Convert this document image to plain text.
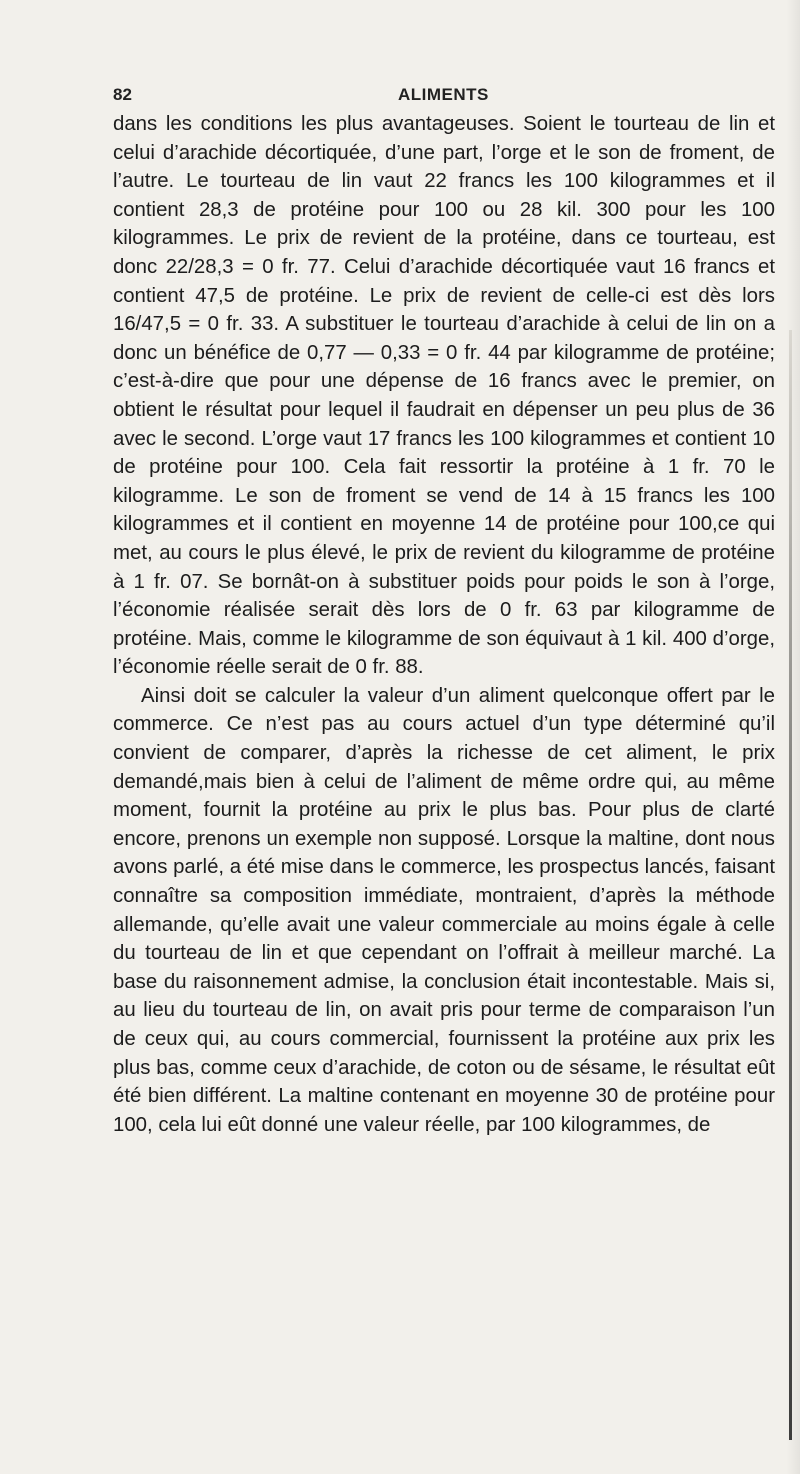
82	ALIMENTS

dans les conditions les plus avantageuses. Soient le tourteau de lin et celui d’arachide décortiquée, d’une part, l’orge et le son de froment, de l’autre. Le tourteau de lin vaut 22 francs les 100 kilogrammes et il contient 28,3 de protéine pour 100 ou 28 kil. 300 pour les 100 kilogrammes. Le prix de revient de la protéine, dans ce tourteau, est donc 22/28,3 = 0 fr. 77. Celui d’arachide décortiquée vaut 16 francs et contient 47,5 de protéine. Le prix de revient de celle-ci est dès lors 16/47,5 = 0 fr. 33. A substituer le tourteau d’arachide à celui de lin on a donc un bénéfice de 0,77 — 0,33 = 0 fr. 44 par kilogramme de protéine; c’est-à-dire que pour une dépense de 16 francs avec le premier, on obtient le résultat pour lequel il faudrait en dépenser un peu plus de 36 avec le second. L’orge vaut 17 francs les 100 kilogrammes et contient 10 de protéine pour 100. Cela fait ressortir la protéine à 1 fr. 70 le kilogramme. Le son de froment se vend de 14 à 15 francs les 100 kilogrammes et il contient en moyenne 14 de protéine pour 100,ce qui met, au cours le plus élevé, le prix de revient du kilogramme de protéine à 1 fr. 07. Se bornât-on à substituer poids pour poids le son à l’orge, l’économie réalisée serait dès lors de 0 fr. 63 par kilogramme de protéine. Mais, comme le kilogramme de son équivaut à 1 kil. 400 d’orge, l’économie réelle serait de 0 fr. 88.

Ainsi doit se calculer la valeur d’un aliment quelconque offert par le commerce. Ce n’est pas au cours actuel d’un type déterminé qu’il convient de comparer, d’après la richesse de cet aliment, le prix demandé,mais bien à celui de l’aliment de même ordre qui, au même moment, fournit la protéine au prix le plus bas. Pour plus de clarté encore, prenons un exemple non supposé. Lorsque la maltine, dont nous avons parlé, a été mise dans le commerce, les prospectus lancés, faisant connaître sa composition immédiate, montraient, d’après la méthode allemande, qu’elle avait une valeur commerciale au moins égale à celle du tourteau de lin et que cependant on l’offrait à meilleur marché. La base du raisonnement admise, la conclusion était incontestable. Mais si, au lieu du tourteau de lin, on avait pris pour terme de comparaison l’un de ceux qui, au cours commercial, fournissent la protéine aux prix les plus bas, comme ceux d’arachide, de coton ou de sésame, le résultat eût été bien différent. La maltine contenant en moyenne 30 de protéine pour 100, cela lui eût donné une valeur réelle, par 100 kilogrammes, de
